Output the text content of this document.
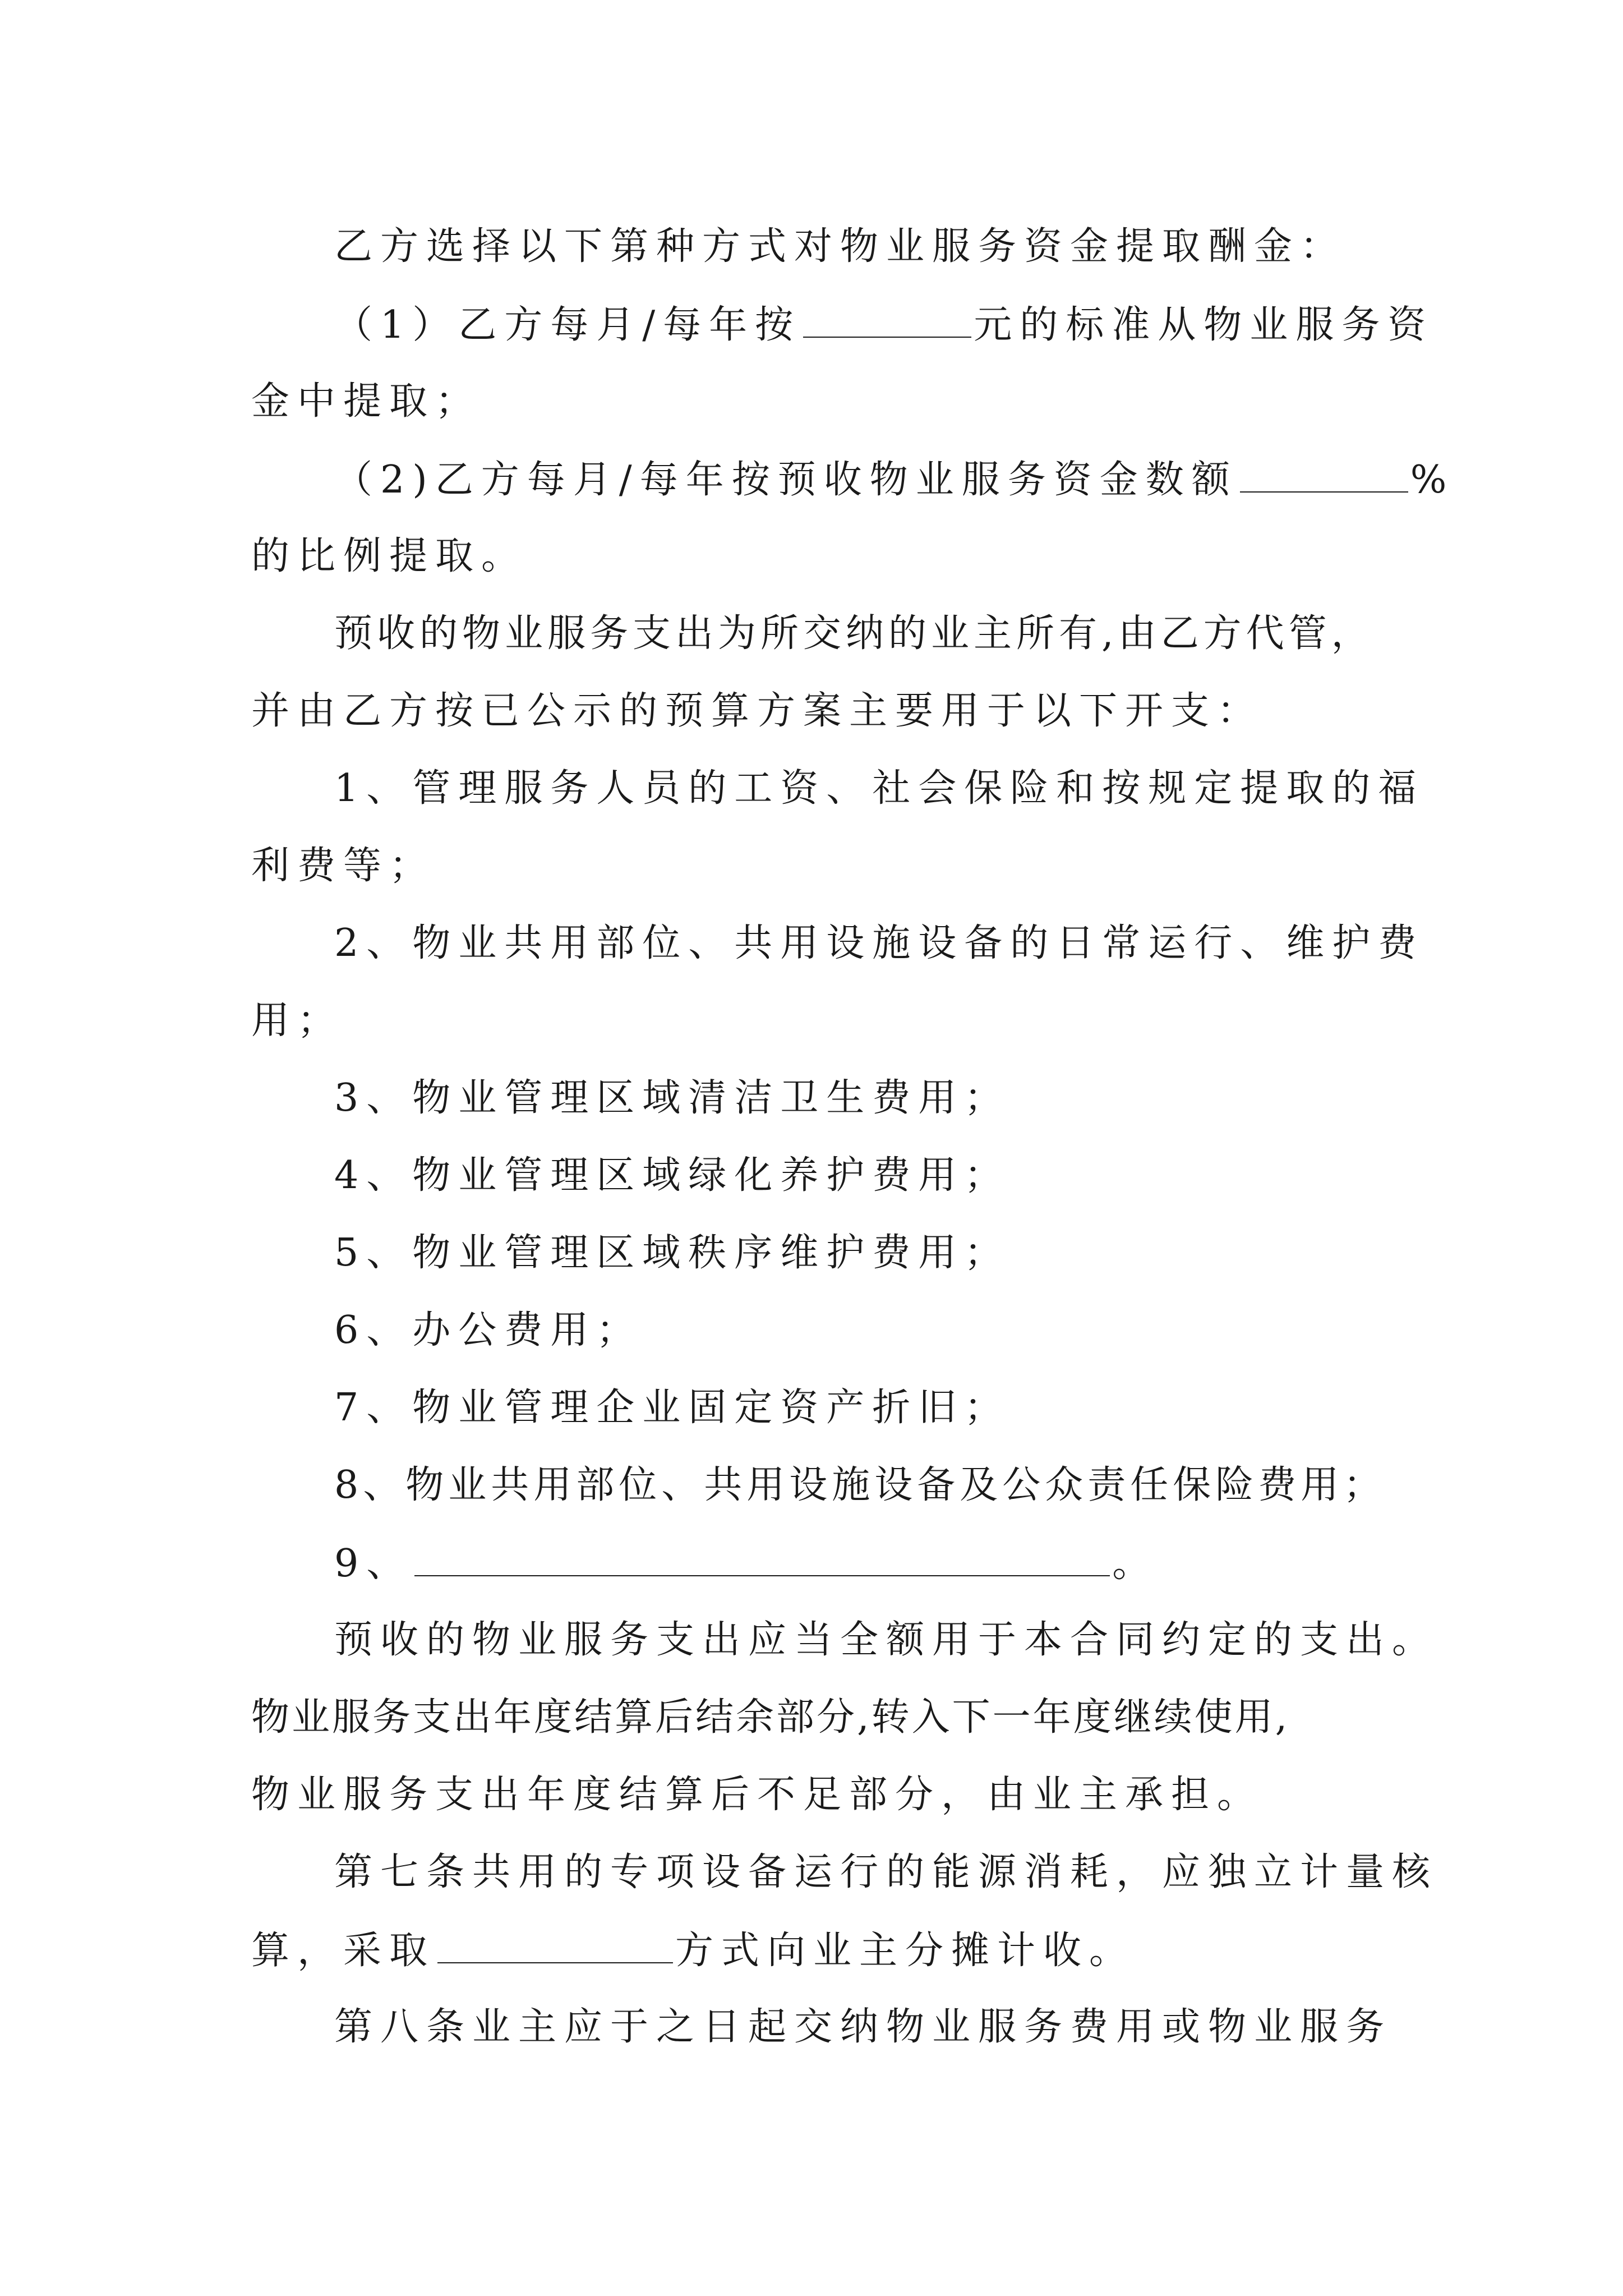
乙方选择以下第种方式对物业服务资金提取酬金：
（1）乙方每月/每年按	元的标准从物业服务资
金中提取；
（2)乙方每月/每年按预收物业服务资金数额	%
的比例提取。
预收的物业服务支出为所交纳的业主所有,由乙方代管，
并由乙方按已公示的预算方案主要用于以下开支：
1、管理服务人员的工资、社会保险和按规定提取的福
利费等；
2、物业共用部位、共用设施设备的日常运行、维护费
用；
3、物业管理区域清洁卫生费用；
4、物业管理区域绿化养护费用；
5、物业管理区域秩序维护费用；
6、办公费用；
7、物业管理企业固定资产折旧；
8、物业共用部位、共用设施设备及公众责任保险费用；
9、	。
预收的物业服务支出应当全额用于本合同约定的支出。
物业服务支出年度结算后结余部分,转入下一年度继续使用,
物业服务支出年度结算后不足部分，由业主承担。
第七条共用的专项设备运行的能源消耗，应独立计量核
算，采取	方式向业主分摊计收。
第八条业主应于之日起交纳物业服务费用或物业服务
